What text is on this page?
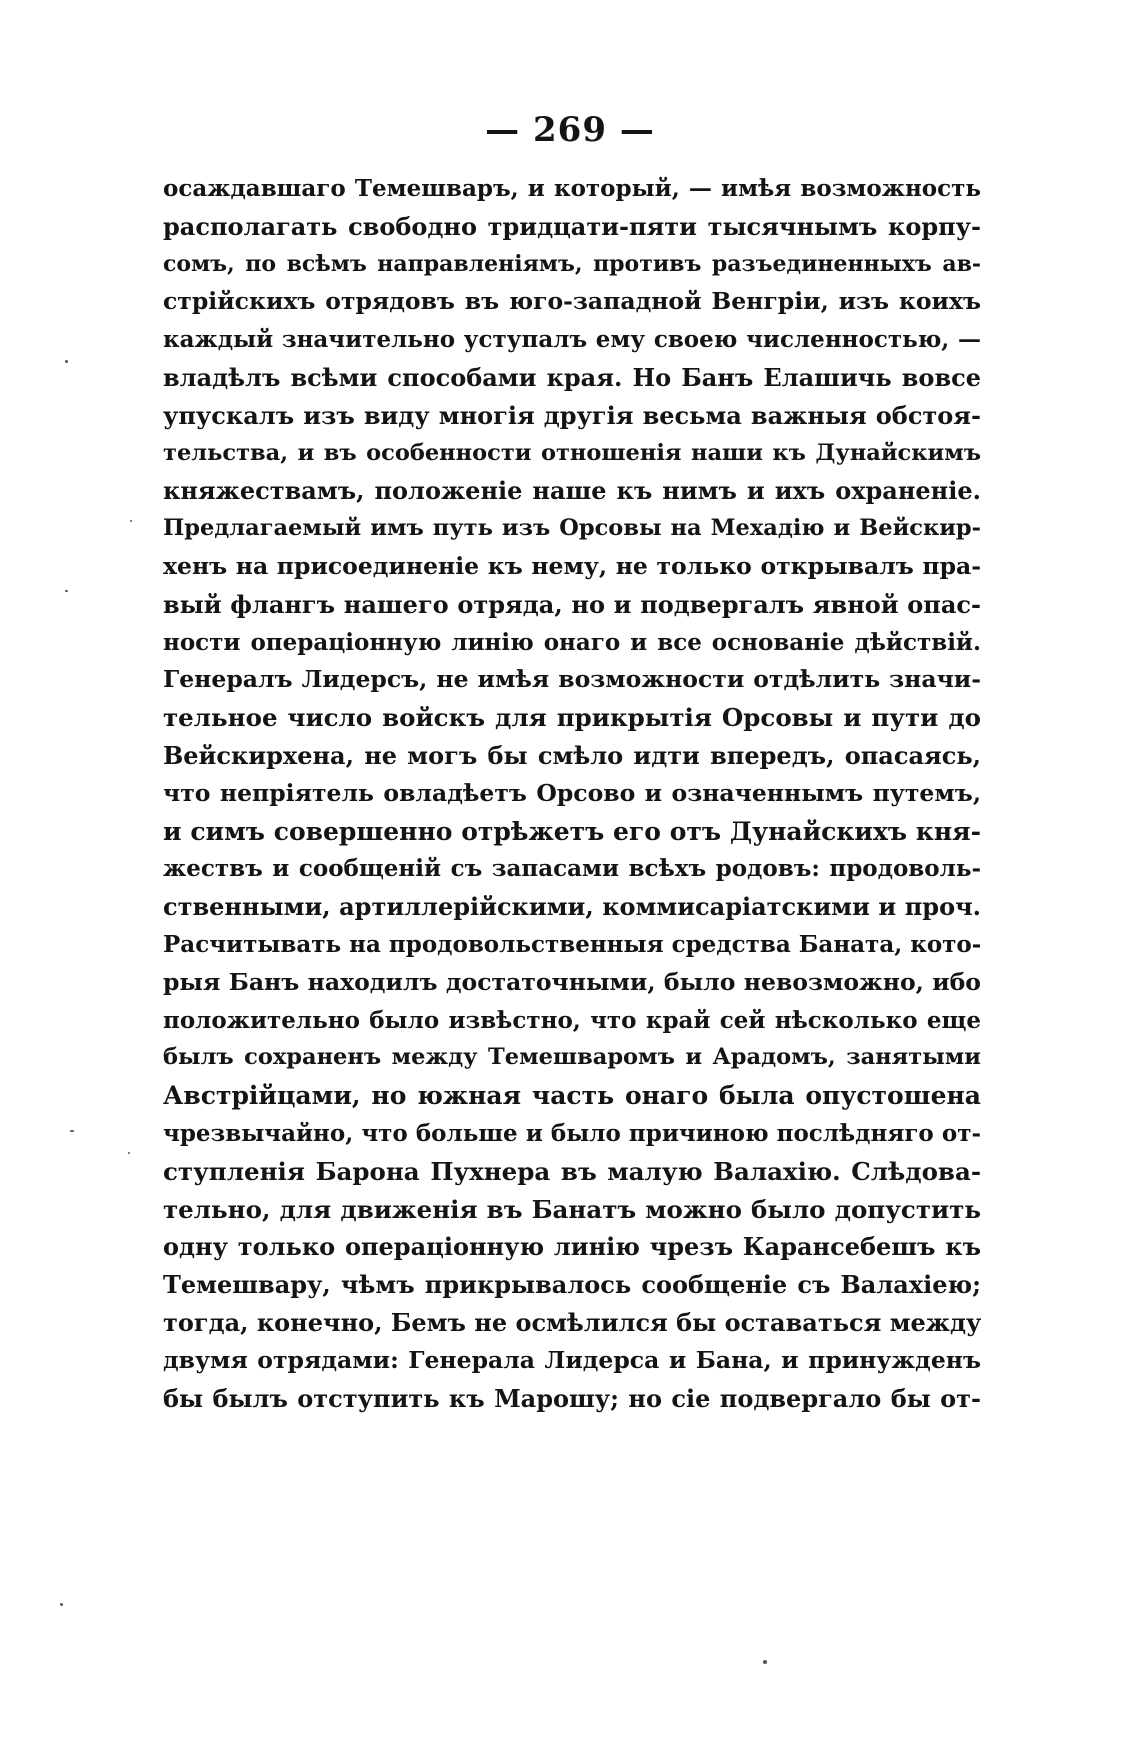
— 269 —
осаждавшаго Темешваръ, и который, — имѣя возможность
располагать свободно тридцати-пяти тысячнымъ корпу-
сомъ, по всѣмъ направленіямъ, противъ разъединенныхъ ав-
стрійскихъ отрядовъ въ юго-западной Венгріи, изъ коихъ
каждый значительно уступалъ ему своею численностью, —
владѣлъ всѣми способами края. Но Банъ Елашичь вовсе
упускалъ изъ виду многія другія весьма важныя обстоя-
тельства, и въ особенности отношенія наши къ Дунайскимъ
княжествамъ, положеніе наше къ нимъ и ихъ охраненіе.
Предлагаемый имъ путь изъ Орсовы на Мехадію и Вейскир-
хенъ на присоединеніе къ нему, не только открывалъ пра-
вый флангъ нашего отряда, но и подвергалъ явной опас-
ности операціонную линію онаго и все основаніе дѣйствій.
Генералъ Лидерсъ, не имѣя возможности отдѣлить значи-
тельное число войскъ для прикрытія Орсовы и пути до
Вейскирхена, не могъ бы смѣло идти впередъ, опасаясь,
что непріятель овладѣетъ Орсово и означеннымъ путемъ,
и симъ совершенно отрѣжетъ его отъ Дунайскихъ кня-
жествъ и сообщеній съ запасами всѣхъ родовъ: продоволь-
ственными, артиллерійскими, коммисаріатскими и проч.
Расчитывать на продовольственныя средства Баната, кото-
рыя Банъ находилъ достаточными, было невозможно, ибо
положительно было извѣстно, что край сей нѣсколько еще
былъ сохраненъ между Темешваромъ и Арадомъ, занятыми
Австрійцами, но южная часть онаго была опустошена
чрезвычайно, что больше и было причиною послѣдняго от-
ступленія Барона Пухнера въ малую Валахію. Слѣдова-
тельно, для движенія въ Банатъ можно было допустить
одну только операціонную линію чрезъ Карансебешъ къ
Темешвару, чѣмъ прикрывалось сообщеніе съ Валахіею;
тогда, конечно, Бемъ не осмѣлился бы оставаться между
двумя отрядами: Генерала Лидерса и Бана, и принужденъ
бы былъ отступить къ Марошу; но сіе подвергало бы от-
